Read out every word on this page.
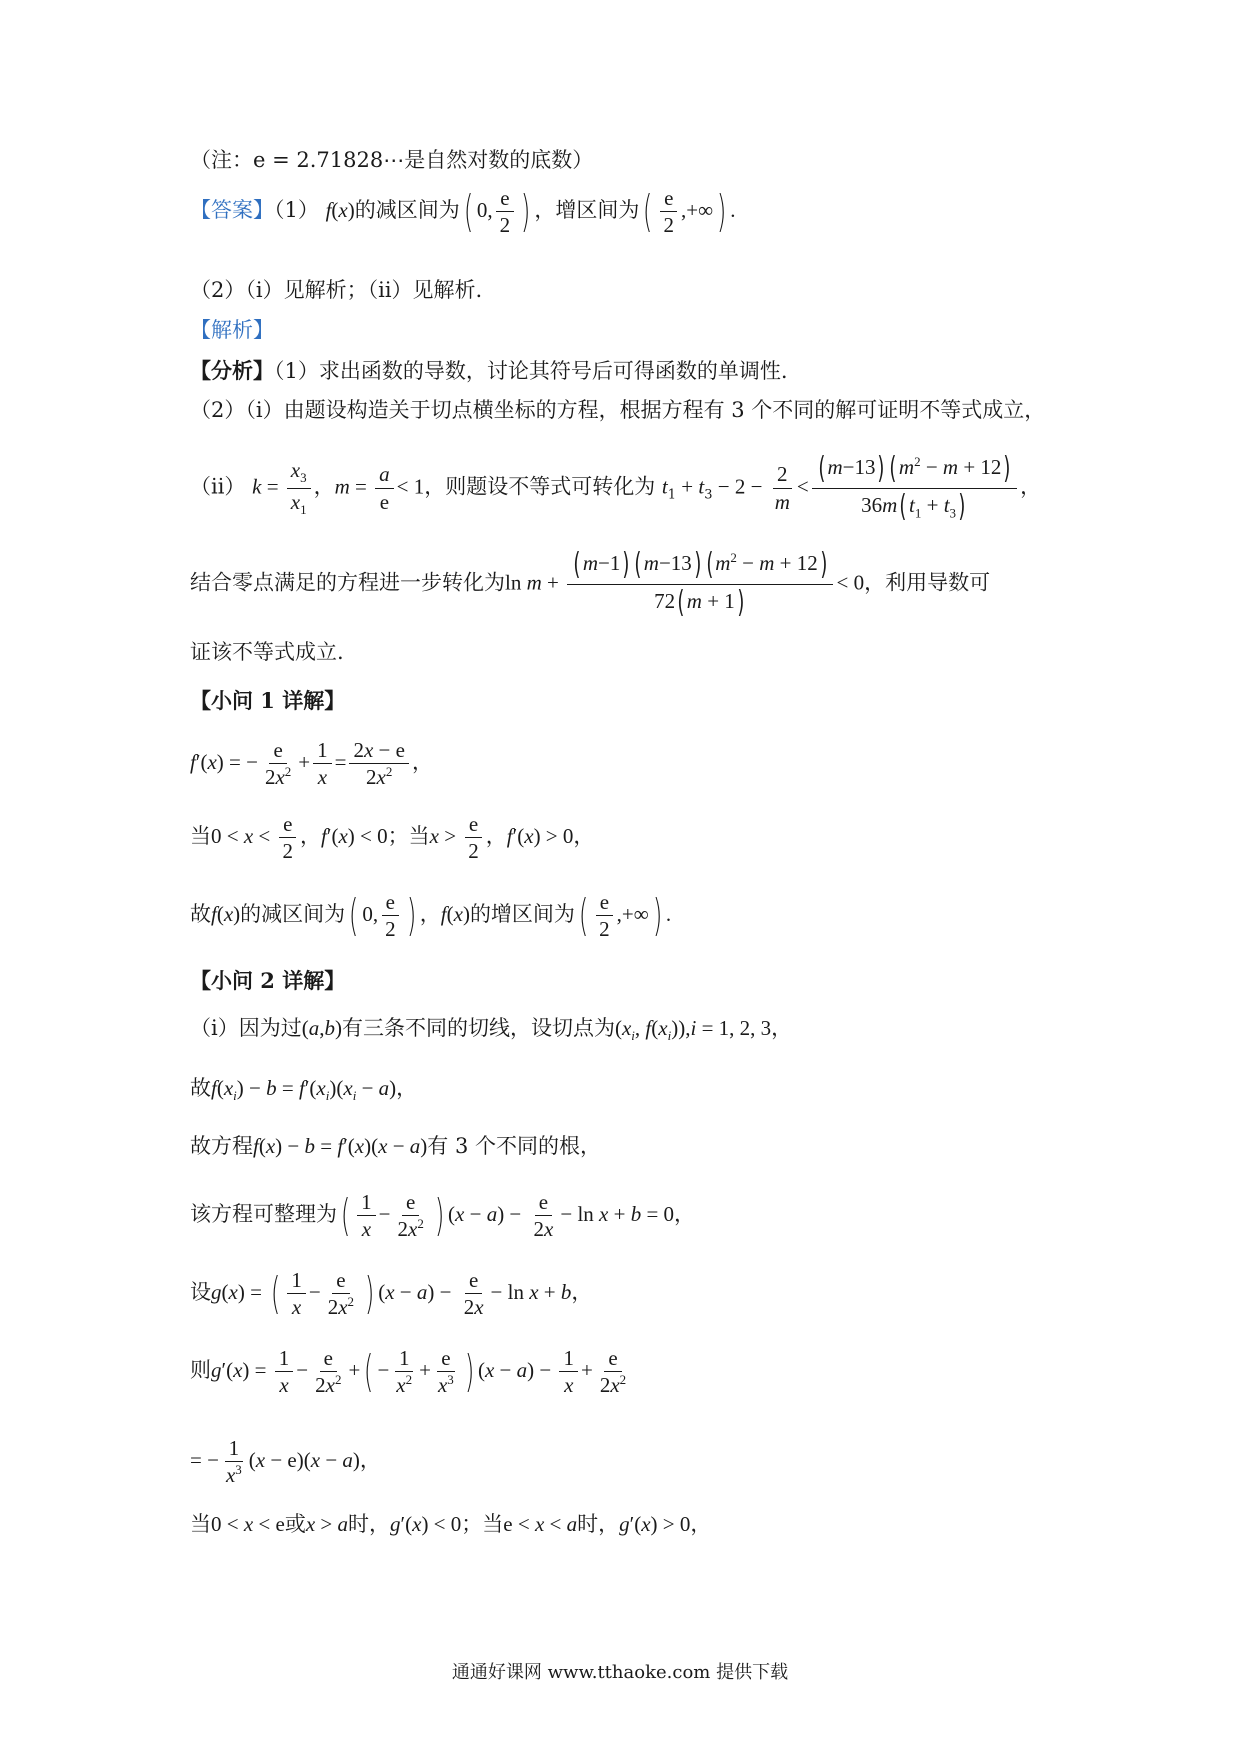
（注：e = 2.71828⋯是自然对数的底数）
【答案】（1） f(x)的减区间为( 0, $\frac{e}{2}$ ) ，增区间为( $\frac{e}{2}$ ,+∞) .
（2）（ⅰ）见解析；（ⅱ）见解析.
【解析】
【分析】（1）求出函数的导数，讨论其符号后可得函数的单调性.
（2）（ⅰ）由题设构造关于切点横坐标的方程，根据方程有 3 个不同的解可证明不等式成立，
（ⅱ） $k = \frac{x_3}{x_1}$ ，$m = \frac{a}{e} < 1$，则题设不等式可转化为 $t_1 + t_3 - 2 - \frac{2}{m} < \frac{( m-13) ( m^2 - m + 12)}{36m( t_1 + t_3)}$ ，
结合零点满足的方程进一步转化为$\ln m + \frac{( m-1) ( m-13) ( m^2 - m + 12)}{72( m + 1)} < 0$，利用导数可
证该不等式成立.
【小问 1 详解】
f′(x) = − $\frac{e}{2x^2} + \frac{1}{x} = \frac{2x - e}{2x^2}$ ，
当$0 < x < \frac{e}{2}$ ，f′(x) < 0；当$x > \frac{e}{2}$ ，f′(x) > 0，
故f(x)的减区间为( 0, $\frac{e}{2}$ ) ，f(x)的增区间为( $\frac{e}{2}$ ,+∞) .
【小问 2 详解】
（i）因为过(a,b)有三条不同的切线，设切点为($x_i$, $f(x_i)),i = 1$, 2, 3，
故$f(x_i) - b = f'(x_i)(x_i - a)$，
故方程f(x) − b = f′(x)(x − a)有 3 个不同的根，
该方程可整理为( $\frac{1}{x} - \frac{e}{2x^2}$ ) $(x - a) - \frac{e}{2x} - \ln x + b = 0$，
设g(x) = ( $\frac{1}{x} - \frac{e}{2x^2}$ ) $(x - a) - \frac{e}{2x} - \ln x + b$，
则$g'(x) = \frac{1}{x} - \frac{e}{2x^2}$ +( − $\frac{1}{x^2} + \frac{e}{x^3}$ ) $(x - a) - \frac{1}{x} + \frac{e}{2x^2}$
= − $\frac{1}{x^3} (x - e)(x - a)$，
当0 < x < e或x > a时，g′(x) < 0；当e < x < a时，g′(x) > 0，
通通好课网 www.tthaoke.com 提供下载
